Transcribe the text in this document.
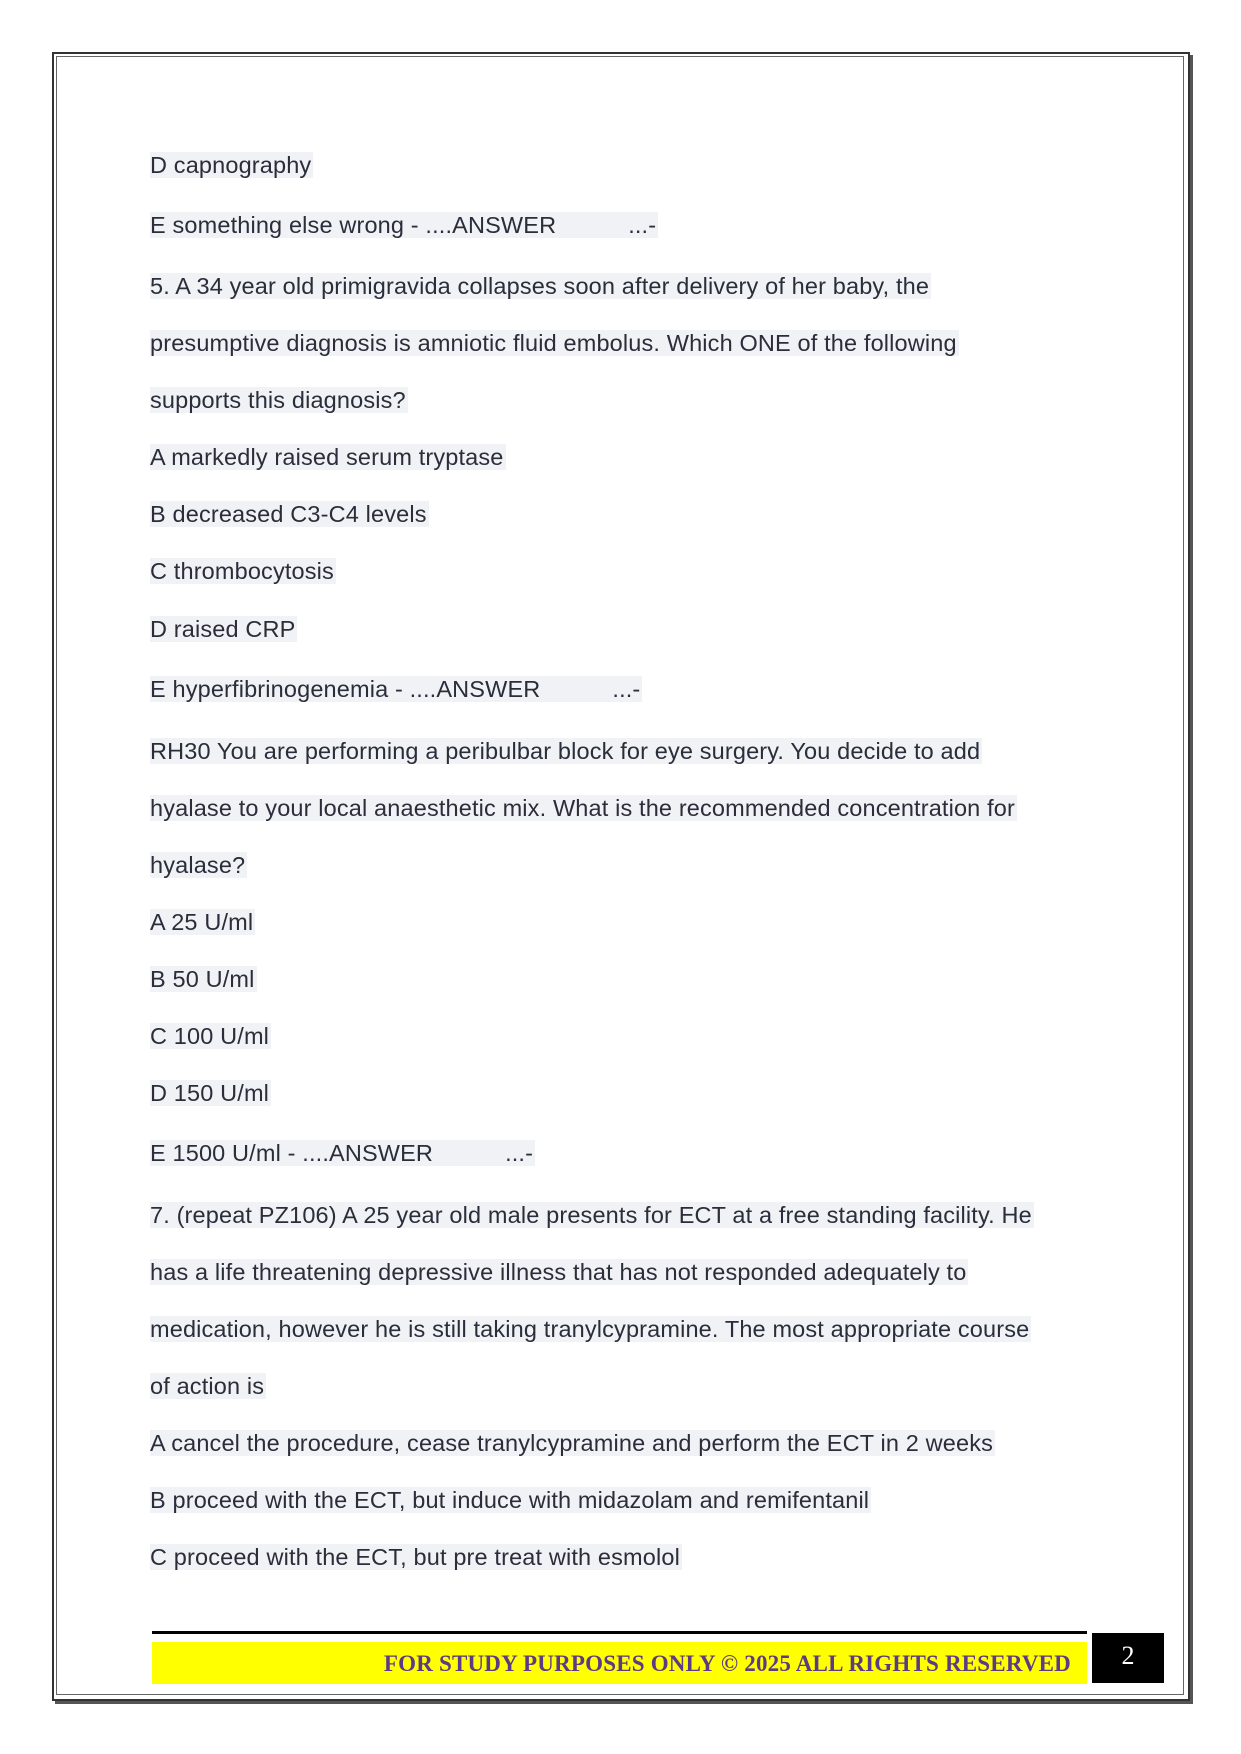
D capnography
E something else wrong - ....ANSWER	...-
5. A 34 year old primigravida collapses soon after delivery of her baby, the
presumptive diagnosis is amniotic fluid embolus. Which ONE of the following
supports this diagnosis?
A markedly raised serum tryptase
B decreased C3-C4 levels
C thrombocytosis
D raised CRP
E hyperfibrinogenemia - ....ANSWER	...-
RH30 You are performing a peribulbar block for eye surgery. You decide to add
hyalase to your local anaesthetic mix. What is the recommended concentration for
hyalase?
A 25 U/ml
B 50 U/ml
C 100 U/ml
D 150 U/ml
E 1500 U/ml - ....ANSWER	...-
7. (repeat PZ106) A 25 year old male presents for ECT at a free standing facility. He
has a life threatening depressive illness that has not responded adequately to
medication, however he is still taking tranylcypramine. The most appropriate course
of action is
A cancel the procedure, cease tranylcypramine and perform the ECT in 2 weeks
B proceed with the ECT, but induce with midazolam and remifentanil
C proceed with the ECT, but pre treat with esmolol
FOR STUDY PURPOSES ONLY © 2025 ALL RIGHTS RESERVED	2
